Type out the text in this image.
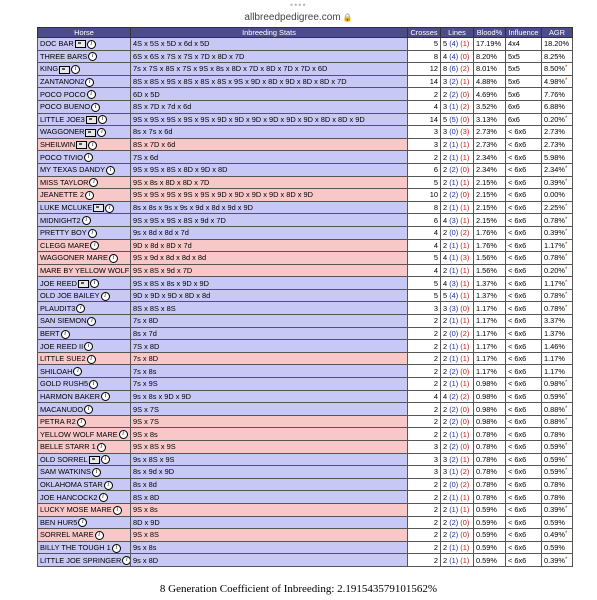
••••
allbreedpedigree.com 🔒
Horse	Inbreeding Stats	Crosses	Lines	Blood%	Influence	AGR
DOC BAR i	4S x 5S x 5D x 6d x 5D	5	5 (4) (1)	17.19%	4x4	18.20%
THREE BARS i	6S x 6S x 7S x 7S x 7D x 8D x 7D	8	4 (4) (0)	8.20%	5x5	8.25%
KING i	7s x 7S x 8S x 7S x 9S x 8s x 8D x 7D x 8D x 7D x 7D x 6D	12	8 (6) (2)	8.01%	5x5	8.50%*
ZANTANON2 i	8S x 8S x 9S x 8S x 8S x 8S x 9S x 9D x 8D x 9D x 8D x 8D x 7D	14	3 (2) (1)	4.88%	5x6	4.98%*
POCO POCO i	6D x 5D	2	2 (2) (0)	4.69%	5x6	7.76%
POCO BUENO i	8S x 7D x 7d x 6d	4	3 (1) (2)	3.52%	6x6	6.88%
LITTLE JOE3 i	9S x 9S x 9S x 9S x 9S x 9D x 9D x 9D x 9D x 9D x 9D x 8D x 8D x 9D	14	5 (5) (0)	3.13%	6x6	0.20%*
WAGGONER i	8s x 7s x 6d	3	3 (0) (3)	2.73%	< 6x6	2.73%
SHEILWIN i	8S x 7D x 6d	3	2 (1) (1)	2.73%	< 6x6	2.73%
POCO TIVIO i	7S x 6d	2	2 (1) (1)	2.34%	< 6x6	5.98%
MY TEXAS DANDY i	9S x 9S x 8S x 8D x 9D x 8D	6	2 (2) (0)	2.34%	< 6x6	2.34%*
MISS TAYLOR i	9S x 8s x 8D x 8D x 7D	5	2 (1) (1)	2.15%	< 6x6	0.39%*
JEANETTE 2 i	9S x 9S x 9S x 9S x 9S x 9D x 9D x 9D x 9D x 8D x 9D	10	2 (2) (0)	2.15%	< 6x6	0.00%
LUKE MCLUKE i	8s x 8s x 9s x 9s x 9d x 8d x 9d x 9D	8	2 (1) (1)	2.15%	< 6x6	2.25%*
MIDNIGHT2 i	9S x 9S x 9S x 8S x 9d x 7D	6	4 (3) (1)	2.15%	< 6x6	0.78%*
PRETTY BOY i	9s x 8d x 8d x 7d	4	2 (0) (2)	1.76%	< 6x6	0.39%*
CLEGG MARE i	9D x 8d x 8D x 7d	4	2 (1) (1)	1.76%	< 6x6	1.17%*
WAGGONER MARE i	9S x 9d x 8d x 8d x 8d	5	4 (1) (3)	1.56%	< 6x6	0.78%*
MARE BY YELLOW WOLF	9S x 8S x 9d x 7D	4	2 (1) (1)	1.56%	< 6x6	0.20%*
JOE REED i	9S x 8S x 8s x 9D x 9D	5	4 (3) (1)	1.37%	< 6x6	1.17%*
OLD JOE BAILEY i	9D x 9D x 9D x 8D x 8d	5	5 (4) (1)	1.37%	< 6x6	0.78%*
PLAUDIT3 i	8S x 8S x 8S	3	3 (3) (0)	1.17%	< 6x6	0.78%*
SAN SIEMON i	7s x 8D	2	2 (1) (1)	1.17%	< 6x6	3.37%
BERT i	8s x 7d	2	2 (0) (2)	1.17%	< 6x6	1.37%
JOE REED II i	7S x 8D	2	2 (1) (1)	1.17%	< 6x6	1.46%
LITTLE SUE2 i	7s x 8D	2	2 (1) (1)	1.17%	< 6x6	1.17%
SHILOAH i	7s x 8s	2	2 (2) (0)	1.17%	< 6x6	1.17%
GOLD RUSH5 i	7s x 9S	2	2 (1) (1)	0.98%	< 6x6	0.98%*
HARMON BAKER i	9s x 8s x 9D x 9D	4	4 (2) (2)	0.98%	< 6x6	0.59%*
MACANUDO i	9S x 7S	2	2 (2) (0)	0.98%	< 6x6	0.88%*
PETRA R2 i	9S x 7S	2	2 (2) (0)	0.98%	< 6x6	0.88%*
YELLOW WOLF MARE i	9S x 8s	2	2 (1) (1)	0.78%	< 6x6	0.78%
BELLE STARR 1 i	9S x 8S x 9S	3	2 (2) (0)	0.78%	< 6x6	0.59%*
OLD SORREL i	9s x 8S x 9S	3	3 (2) (1)	0.78%	< 6x6	0.59%*
SAM WATKINS i	8s x 9d x 9D	3	3 (1) (2)	0.78%	< 6x6	0.59%*
OKLAHOMA STAR i	8s x 8d	2	2 (0) (2)	0.78%	< 6x6	0.78%
JOE HANCOCK2 i	8S x 8D	2	2 (1) (1)	0.78%	< 6x6	0.78%
LUCKY MOSE MARE i	9S x 8s	2	2 (1) (1)	0.59%	< 6x6	0.39%*
BEN HUR5 i	8D x 9D	2	2 (2) (0)	0.59%	< 6x6	0.59%
SORREL MARE i	9S x 8S	2	2 (2) (0)	0.59%	< 6x6	0.49%*
BILLY THE TOUGH 1 i	9s x 8s	2	2 (1) (1)	0.59%	< 6x6	0.59%
LITTLE JOE SPRINGER i	9s x 8D	2	2 (1) (1)	0.59%	< 6x6	0.39%*
8 Generation Coefficient of Inbreeding: 2.191543579101562%
